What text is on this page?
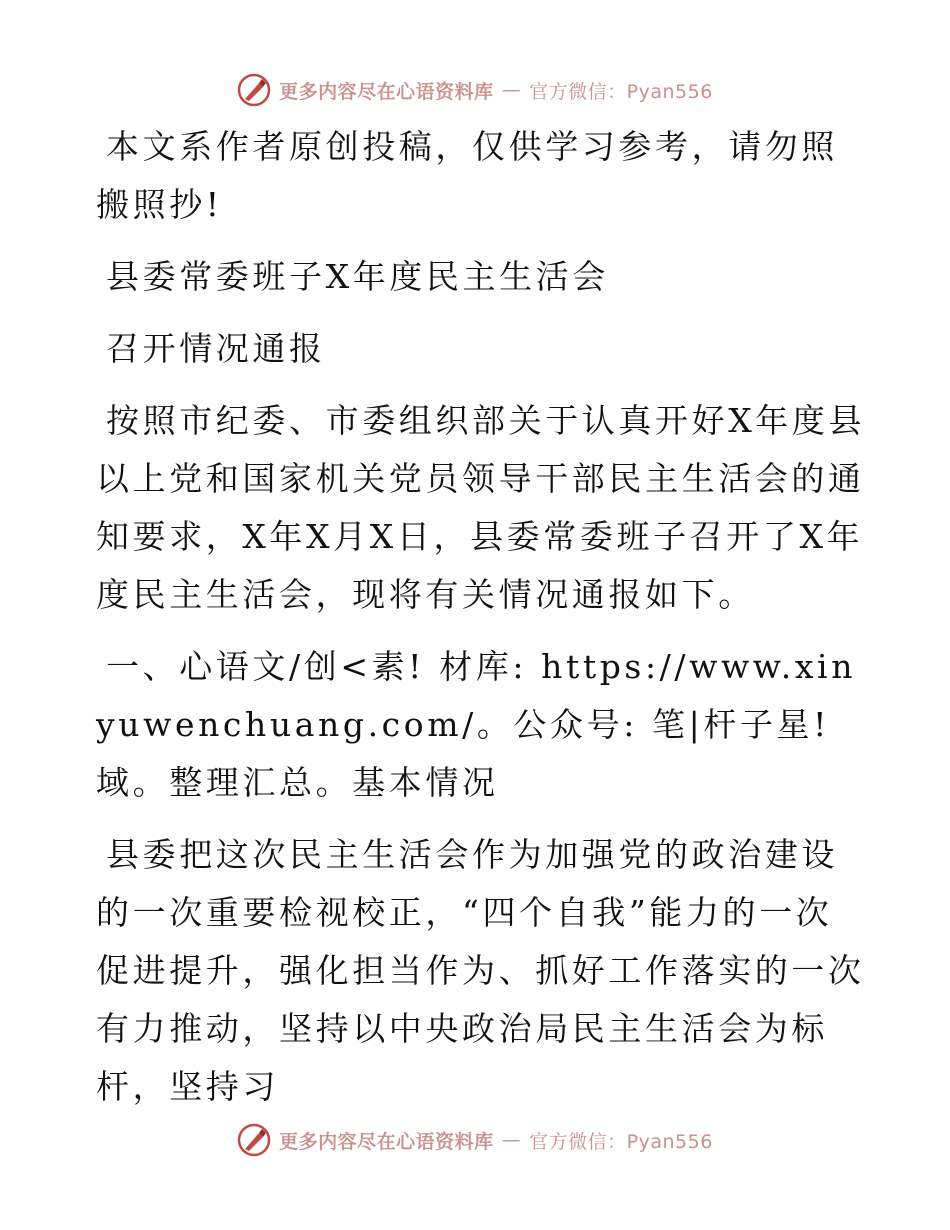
更多内容尽在心语资料库 — 官方微信：Pyan556

本文系作者原创投稿，仅供学习参考，请勿照搬照抄!

县委常委班子X年度民主生活会

召开情况通报

按照市纪委、市委组织部关于认真开好X年度县以上党和国家机关党员领导干部民主生活会的通知要求，X年X月X日，县委常委班子召开了X年度民主生活会，现将有关情况通报如下。

一、心语文/创<素! 材库: https://www.xinyuwenchuang.com/。公众号: 笔|杆子星!域。整理汇总。基本情况

县委把这次民主生活会作为加强党的政治建设的一次重要检视校正，“四个自我”能力的一次促进提升，强化担当作为、抓好工作落实的一次有力推动，坚持以中央政治局民主生活会为标杆，坚持习

更多内容尽在心语资料库 — 官方微信：Pyan556
